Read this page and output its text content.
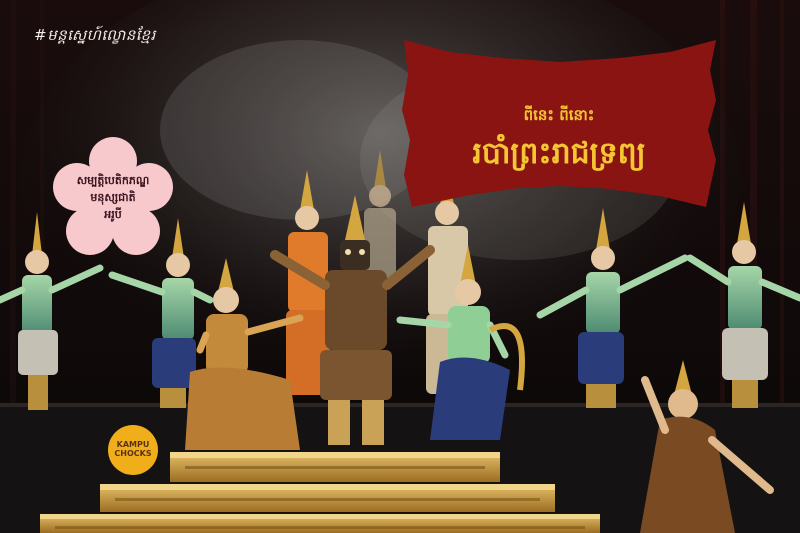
#មន្តស្នេហ៍ល្ខោនខ្មែរ
ពីនេះ ពីនោះ
របាំព្រះរាជទ្រព្យ
សម្បត្តិបេតិកភណ្ឌ
មនុស្សជាតិ
អរូបី
KAMPU
CHOCKS
